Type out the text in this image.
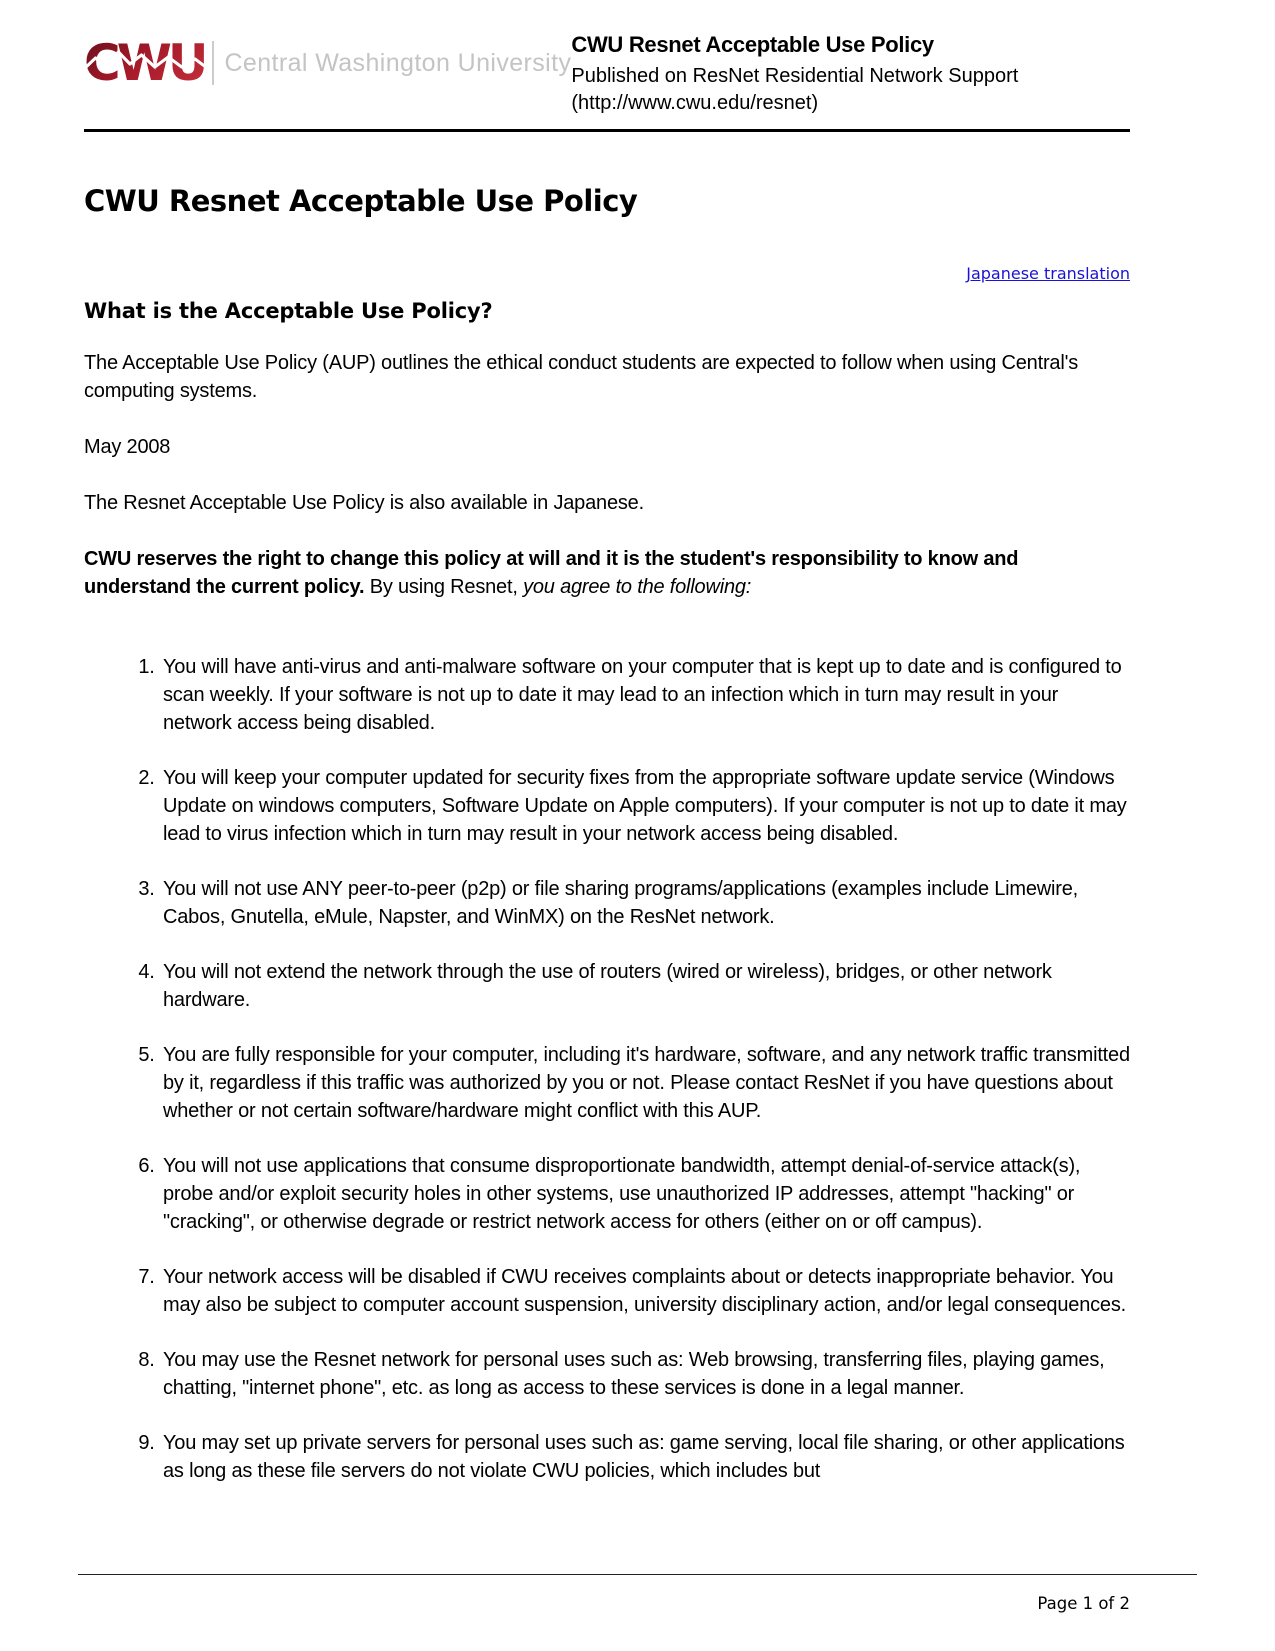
CWU Central Washington University
CWU Resnet Acceptable Use Policy
Published on ResNet Residential Network Support
(http://www.cwu.edu/resnet)
CWU Resnet Acceptable Use Policy
Japanese translation
What is the Acceptable Use Policy?

The Acceptable Use Policy (AUP) outlines the ethical conduct students are expected to follow when using Central's computing systems.

May 2008

The Resnet Acceptable Use Policy is also available in Japanese.

CWU reserves the right to change this policy at will and it is the student's responsibility to know and understand the current policy. By using Resnet, you agree to the following:

1. You will have anti-virus and anti-malware software on your computer that is kept up to date and is configured to scan weekly. If your software is not up to date it may lead to an infection which in turn may result in your network access being disabled.
2. You will keep your computer updated for security fixes from the appropriate software update service (Windows Update on windows computers, Software Update on Apple computers). If your computer is not up to date it may lead to virus infection which in turn may result in your network access being disabled.
3. You will not use ANY peer-to-peer (p2p) or file sharing programs/applications (examples include Limewire, Cabos, Gnutella, eMule, Napster, and WinMX) on the ResNet network.
4. You will not extend the network through the use of routers (wired or wireless), bridges, or other network hardware.
5. You are fully responsible for your computer, including it's hardware, software, and any network traffic transmitted by it, regardless if this traffic was authorized by you or not. Please contact ResNet if you have questions about whether or not certain software/hardware might conflict with this AUP.
6. You will not use applications that consume disproportionate bandwidth, attempt denial-of-service attack(s), probe and/or exploit security holes in other systems, use unauthorized IP addresses, attempt "hacking" or "cracking", or otherwise degrade or restrict network access for others (either on or off campus).
7. Your network access will be disabled if CWU receives complaints about or detects inappropriate behavior. You may also be subject to computer account suspension, university disciplinary action, and/or legal consequences.
8. You may use the Resnet network for personal uses such as: Web browsing, transferring files, playing games, chatting, "internet phone", etc. as long as access to these services is done in a legal manner.
9. You may set up private servers for personal uses such as: game serving, local file sharing, or other applications as long as these file servers do not violate CWU policies, which includes but
Page 1 of 2
